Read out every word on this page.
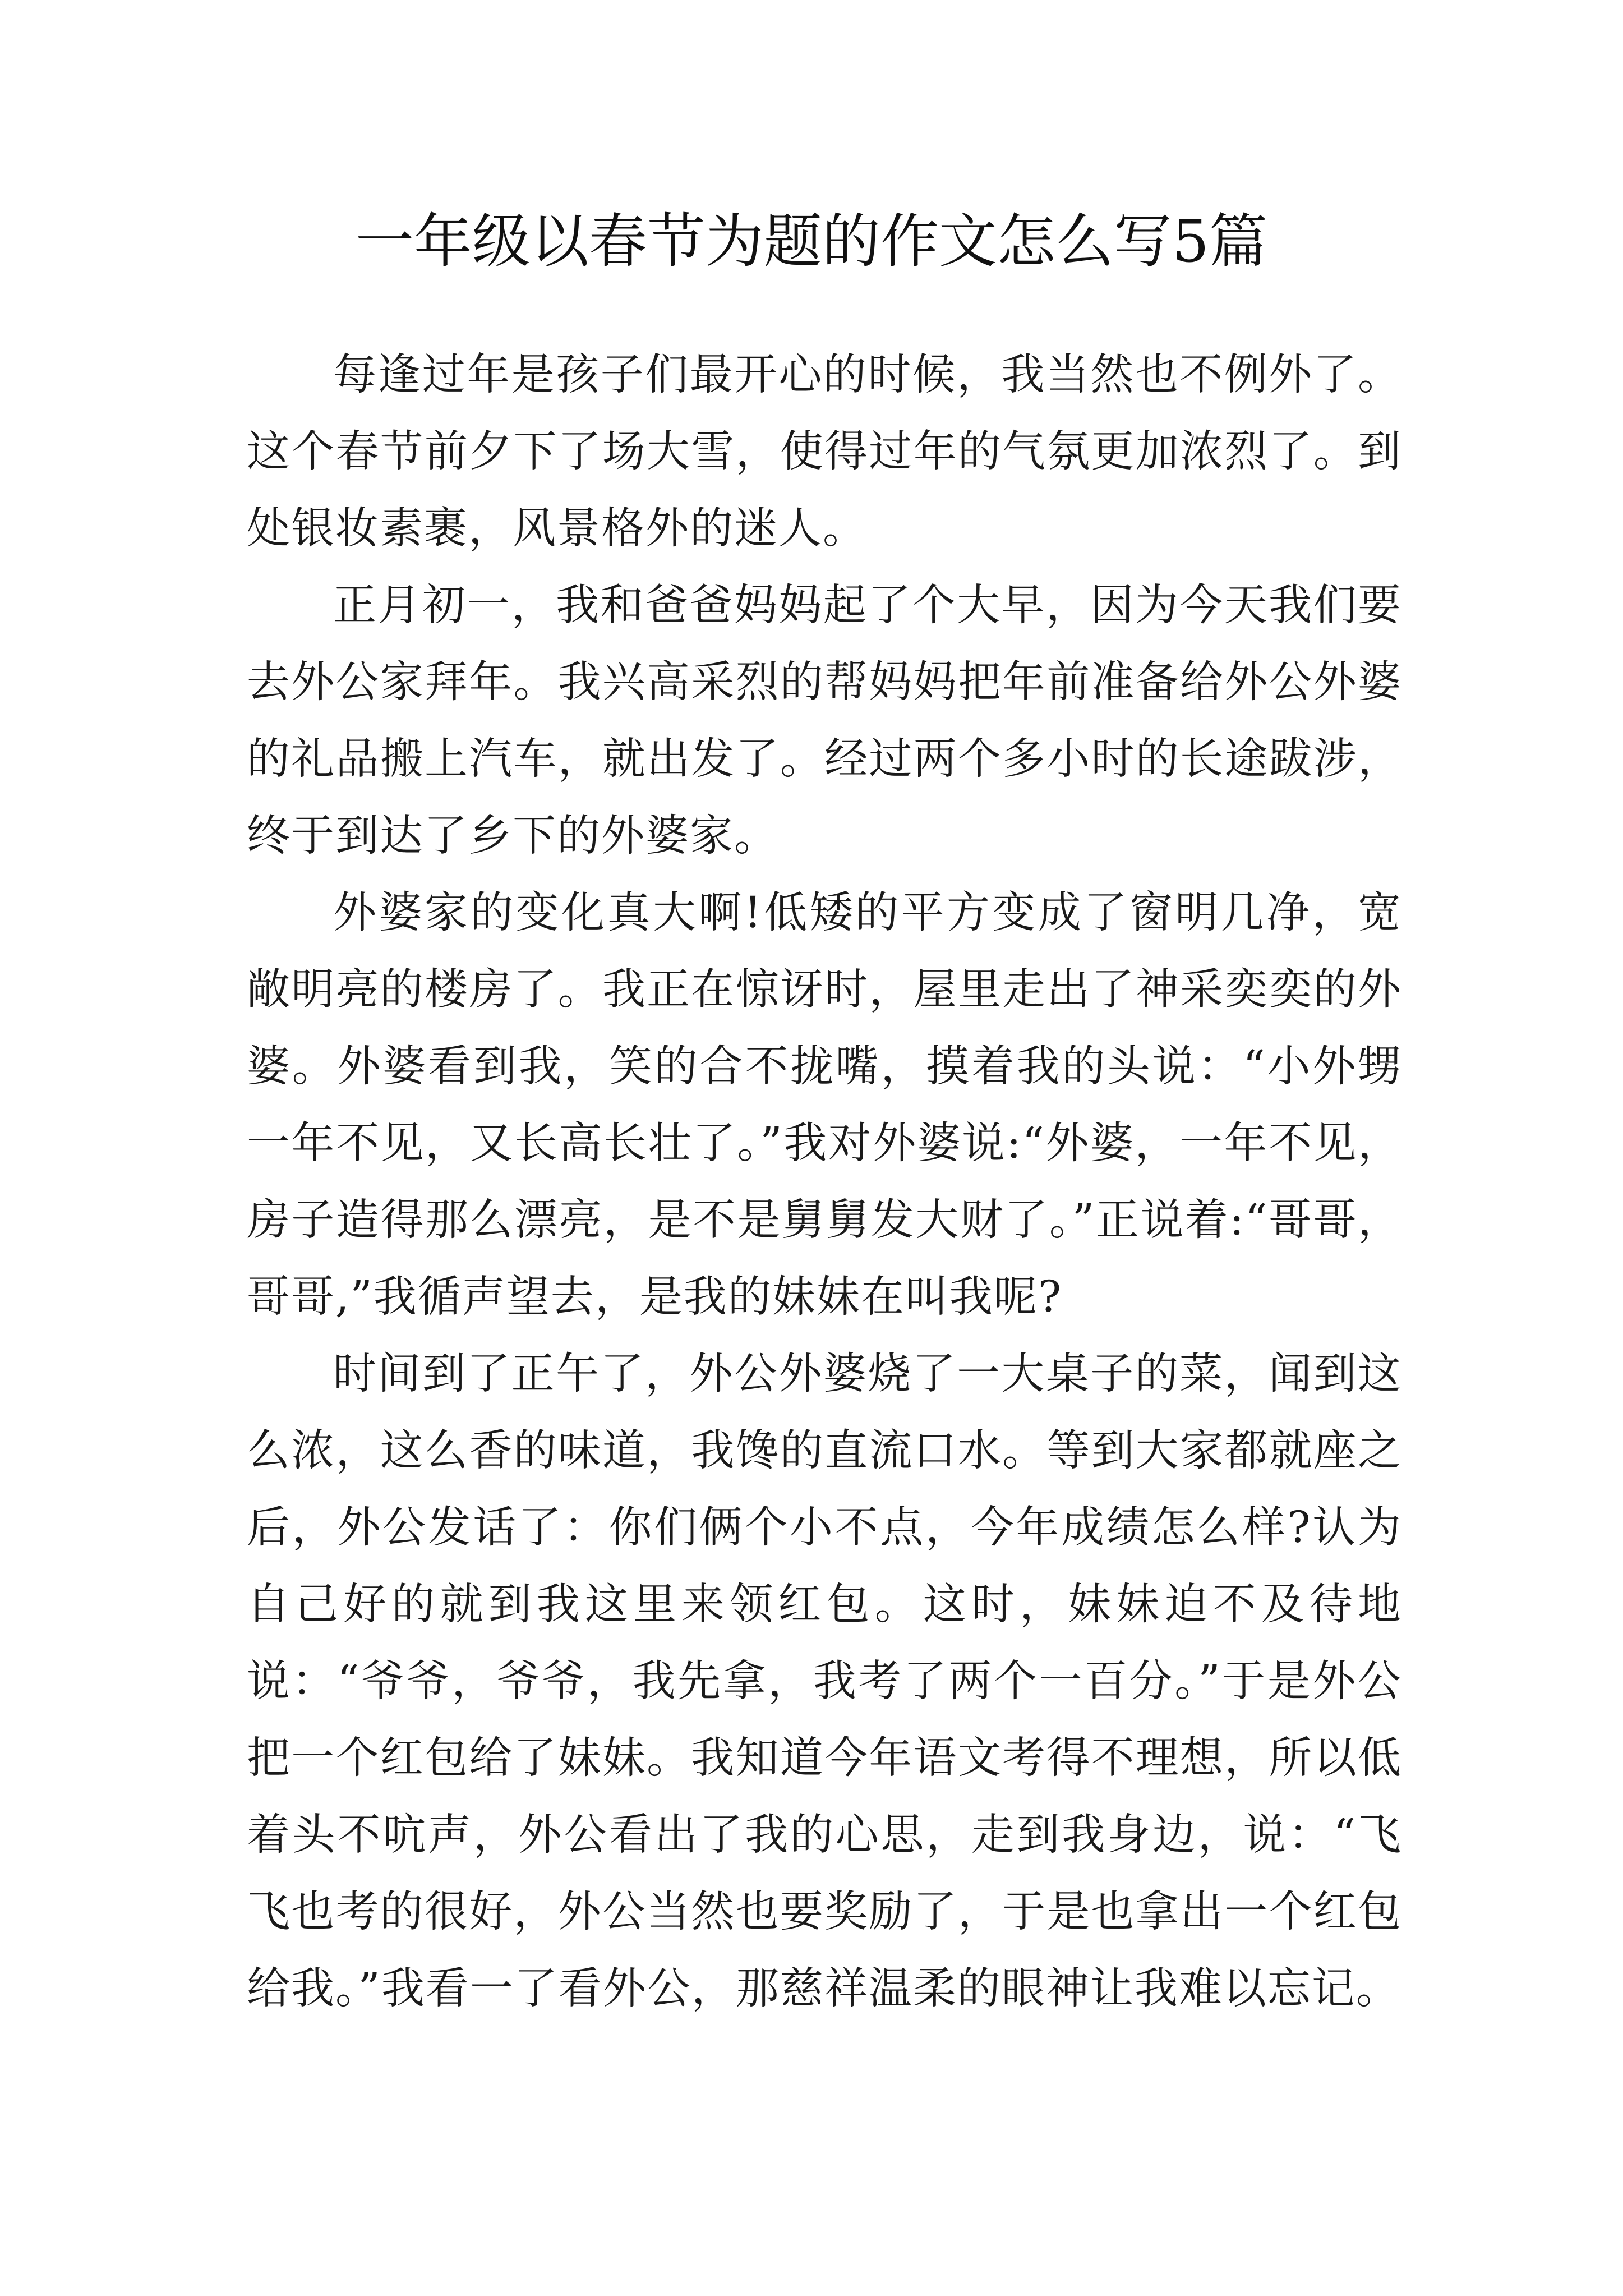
一年级以春节为题的作文怎么写5篇

每逢过年是孩子们最开心的时候，我当然也不例外了。这个春节前夕下了场大雪，使得过年的气氛更加浓烈了。到处银妆素裹，风景格外的迷人。

正月初一，我和爸爸妈妈起了个大早，因为今天我们要去外公家拜年。我兴高采烈的帮妈妈把年前准备给外公外婆的礼品搬上汽车，就出发了。经过两个多小时的长途跋涉，终于到达了乡下的外婆家。

外婆家的变化真大啊!低矮的平方变成了窗明几净，宽敞明亮的楼房了。我正在惊讶时，屋里走出了神采奕奕的外婆。外婆看到我，笑的合不拢嘴，摸着我的头说：“小外甥一年不见，又长高长壮了。”我对外婆说:“外婆，一年不见，房子造得那么漂亮，是不是舅舅发大财了。”正说着:“哥哥，哥哥,”我循声望去，是我的妹妹在叫我呢?

时间到了正午了，外公外婆烧了一大桌子的菜，闻到这么浓，这么香的味道，我馋的直流口水。等到大家都就座之后，外公发话了：你们俩个小不点，今年成绩怎么样?认为自己好的就到我这里来领红包。这时，妹妹迫不及待地说：“爷爷，爷爷，我先拿，我考了两个一百分。”于是外公把一个红包给了妹妹。我知道今年语文考得不理想，所以低着头不吭声，外公看出了我的心思，走到我身边，说：“飞飞也考的很好，外公当然也要奖励了，于是也拿出一个红包给我。”我看一了看外公，那慈祥温柔的眼神让我难以忘记。
